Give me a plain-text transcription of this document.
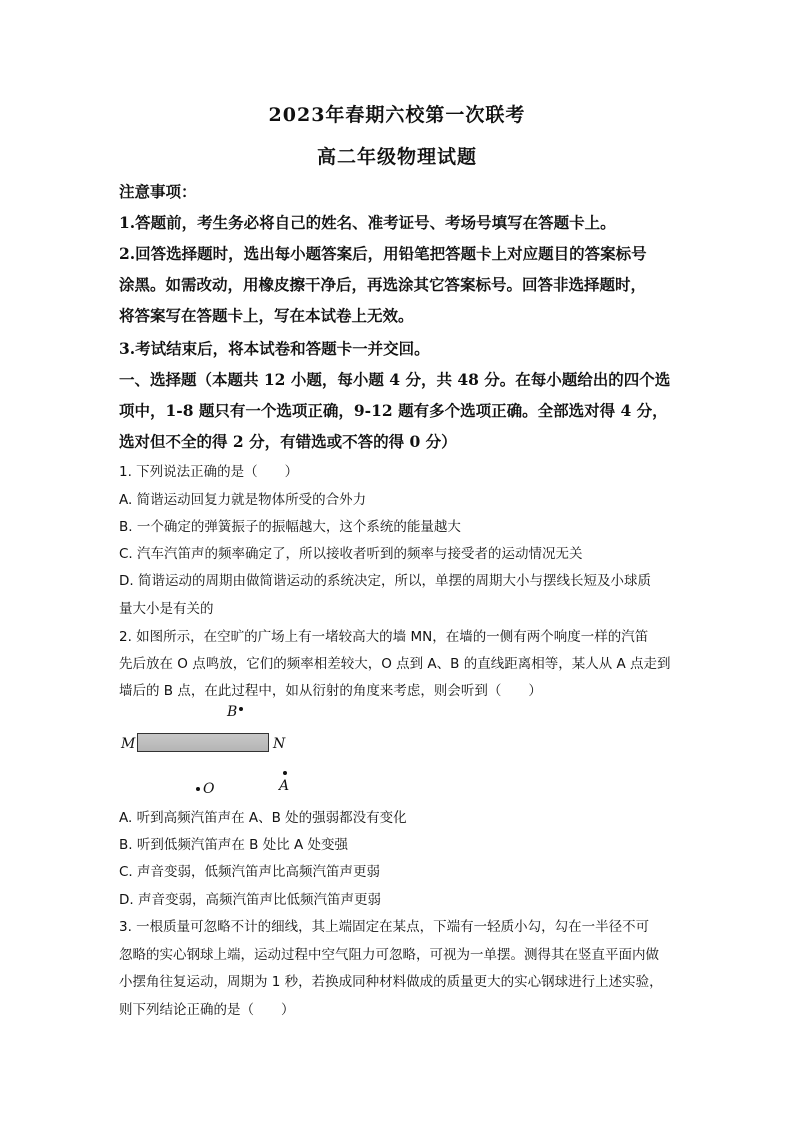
2023年春期六校第一次联考
高二年级物理试题
注意事项：
1.答题前，考生务必将自己的姓名、准考证号、考场号填写在答题卡上。
2.回答选择题时，选出每小题答案后，用铅笔把答题卡上对应题目的答案标号
涂黑。如需改动，用橡皮擦干净后，再选涂其它答案标号。回答非选择题时，
将答案写在答题卡上，写在本试卷上无效。
3.考试结束后，将本试卷和答题卡一并交回。
一、选择题（本题共 12 小题，每小题 4 分，共 48 分。在每小题给出的四个选
项中，1-8 题只有一个选项正确，9-12 题有多个选项正确。全部选对得 4 分，
选对但不全的得 2 分，有错选或不答的得 0 分）
1. 下列说法正确的是（　　）
A. 简谐运动回复力就是物体所受的合外力
B. 一个确定的弹簧振子的振幅越大，这个系统的能量越大
C. 汽车汽笛声的频率确定了，所以接收者听到的频率与接受者的运动情况无关
D. 简谐运动的周期由做简谐运动的系统决定，所以，单摆的周期大小与摆线长短及小球质
量大小是有关的
2. 如图所示，在空旷的广场上有一堵较高大的墙 MN，在墙的一侧有两个响度一样的汽笛
先后放在 O 点鸣放，它们的频率相差较大，O 点到 A、B 的直线距离相等，某人从 A 点走到
墙后的 B 点，在此过程中，如从衍射的角度来考虑，则会听到（　　）
B
M	N
A
O
A. 听到高频汽笛声在 A、B 处的强弱都没有变化
B. 听到低频汽笛声在 B 处比 A 处变强
C. 声音变弱，低频汽笛声比高频汽笛声更弱
D. 声音变弱，高频汽笛声比低频汽笛声更弱
3. 一根质量可忽略不计的细线，其上端固定在某点，下端有一轻质小勾，勾在一半径不可
忽略的实心钢球上端，运动过程中空气阻力可忽略，可视为一单摆。测得其在竖直平面内做
小摆角往复运动，周期为 1 秒，若换成同种材料做成的质量更大的实心钢球进行上述实验，
则下列结论正确的是（　　）
